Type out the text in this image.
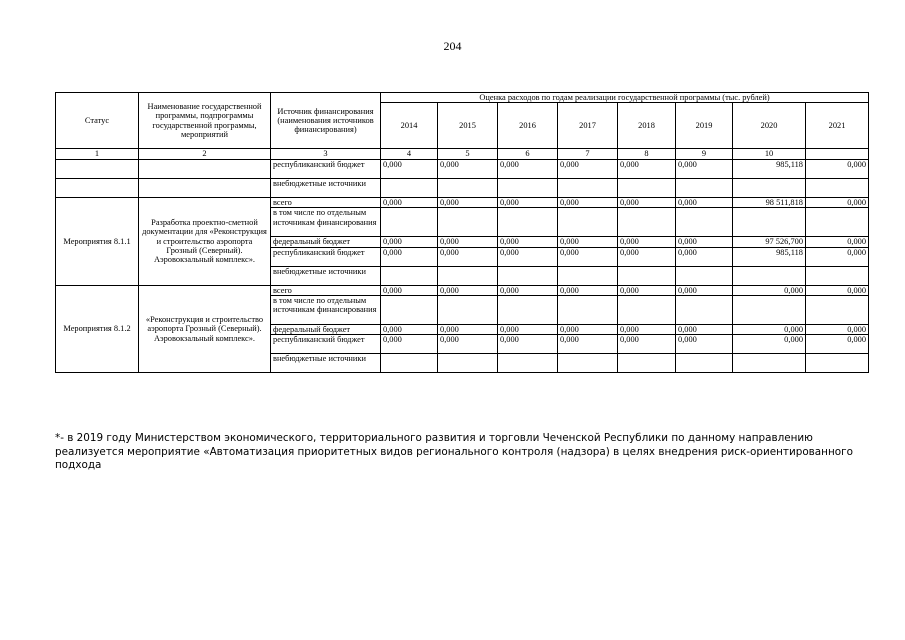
204
Статус	Наименование государственной программы, подпрограммы государственной программы, мероприятий	Источник финансирования (наименования источников финансирования)	Оценка расходов по годам реализации государственной программы (тыс. рублей)							
			2014	2015	2016	2017	2018	2019	2020	2021
1	2	3	4	5	6	7	8	9	10	
		республиканский бюджет	0,000	0,000	0,000	0,000	0,000	0,000	985,118	0,000
		внебюджетные источники								
Мероприятия 8.1.1	Разработка проектно-сметной документации для «Реконструкция и строительство аэропорта Грозный (Северный). Аэровокзальный комплекс».	всего	0,000	0,000	0,000	0,000	0,000	0,000	98 511,818	0,000
		в том числе по отдельным источникам финансирования								
		федеральный бюджет	0,000	0,000	0,000	0,000	0,000	0,000	97 526,700	0,000
		республиканский бюджет	0,000	0,000	0,000	0,000	0,000	0,000	985,118	0,000
		внебюджетные источники								
Мероприятия 8.1.2	«Реконструкция и строительство аэропорта Грозный (Северный). Аэровокзальный комплекс».	всего	0,000	0,000	0,000	0,000	0,000	0,000	0,000	0,000
		в том числе по отдельным источникам финансирования								
		федеральный бюджет	0,000	0,000	0,000	0,000	0,000	0,000	0,000	0,000
		республиканский бюджет	0,000	0,000	0,000	0,000	0,000	0,000	0,000	0,000
		внебюджетные источники								
*- в 2019 году Министерством экономического, территориального развития и торговли Чеченской Республики по данному направлению реализуется мероприятие «Автоматизация приоритетных видов регионального контроля (надзора) в целях внедрения риск-ориентированного подхода
